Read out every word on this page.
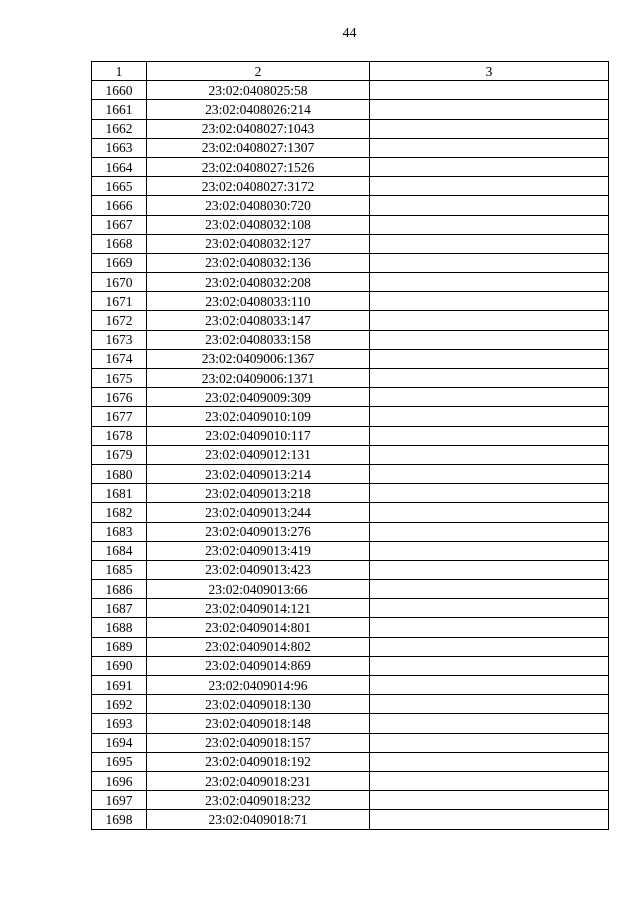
44
1	2	3
1660	23:02:0408025:58	
1661	23:02:0408026:214	
1662	23:02:0408027:1043	
1663	23:02:0408027:1307	
1664	23:02:0408027:1526	
1665	23:02:0408027:3172	
1666	23:02:0408030:720	
1667	23:02:0408032:108	
1668	23:02:0408032:127	
1669	23:02:0408032:136	
1670	23:02:0408032:208	
1671	23:02:0408033:110	
1672	23:02:0408033:147	
1673	23:02:0408033:158	
1674	23:02:0409006:1367	
1675	23:02:0409006:1371	
1676	23:02:0409009:309	
1677	23:02:0409010:109	
1678	23:02:0409010:117	
1679	23:02:0409012:131	
1680	23:02:0409013:214	
1681	23:02:0409013:218	
1682	23:02:0409013:244	
1683	23:02:0409013:276	
1684	23:02:0409013:419	
1685	23:02:0409013:423	
1686	23:02:0409013:66	
1687	23:02:0409014:121	
1688	23:02:0409014:801	
1689	23:02:0409014:802	
1690	23:02:0409014:869	
1691	23:02:0409014:96	
1692	23:02:0409018:130	
1693	23:02:0409018:148	
1694	23:02:0409018:157	
1695	23:02:0409018:192	
1696	23:02:0409018:231	
1697	23:02:0409018:232	
1698	23:02:0409018:71	
